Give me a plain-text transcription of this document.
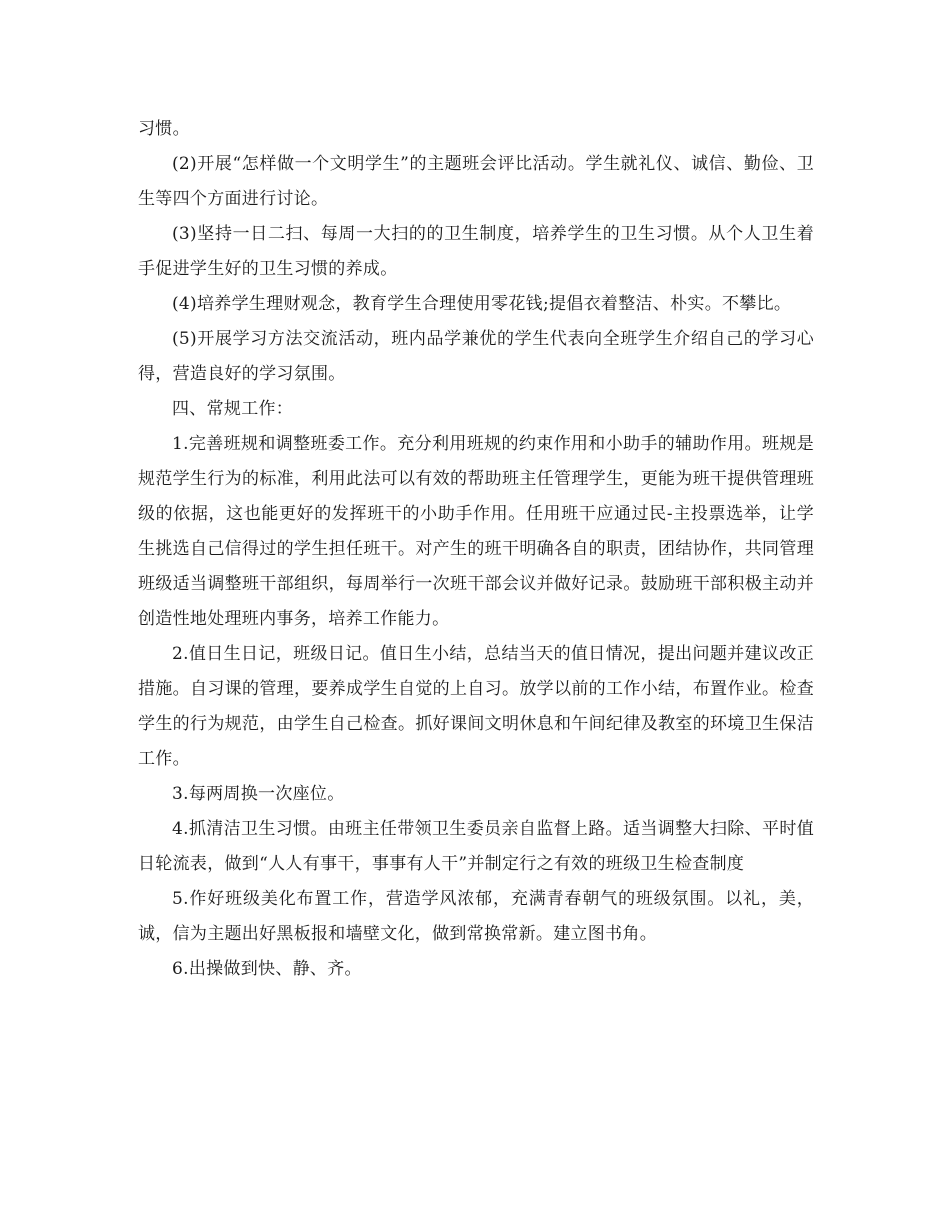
习惯。

(2)开展“怎样做一个文明学生”的主题班会评比活动。学生就礼仪、诚信、勤俭、卫生等四个方面进行讨论。

(3)坚持一日二扫、每周一大扫的的卫生制度，培养学生的卫生习惯。从个人卫生着手促进学生好的卫生习惯的养成。

(4)培养学生理财观念，教育学生合理使用零花钱;提倡衣着整洁、朴实。不攀比。

(5)开展学习方法交流活动，班内品学兼优的学生代表向全班学生介绍自己的学习心得，营造良好的学习氛围。

四、常规工作：

1.完善班规和调整班委工作。充分利用班规的约束作用和小助手的辅助作用。班规是规范学生行为的标准，利用此法可以有效的帮助班主任管理学生，更能为班干提供管理班级的依据，这也能更好的发挥班干的小助手作用。任用班干应通过民-主投票选举，让学生挑选自己信得过的学生担任班干。对产生的班干明确各自的职责，团结协作，共同管理班级适当调整班干部组织，每周举行一次班干部会议并做好记录。鼓励班干部积极主动并创造性地处理班内事务，培养工作能力。

2.值日生日记，班级日记。值日生小结，总结当天的值日情况，提出问题并建议改正措施。自习课的管理，要养成学生自觉的上自习。放学以前的工作小结，布置作业。检查学生的行为规范，由学生自己检查。抓好课间文明休息和午间纪律及教室的环境卫生保洁工作。

3.每两周换一次座位。

4.抓清洁卫生习惯。由班主任带领卫生委员亲自监督上路。适当调整大扫除、平时值日轮流表，做到“人人有事干，事事有人干”并制定行之有效的班级卫生检查制度

5.作好班级美化布置工作，营造学风浓郁，充满青春朝气的班级氛围。以礼，美，诚，信为主题出好黑板报和墙壁文化，做到常换常新。建立图书角。

6.出操做到快、静、齐。
